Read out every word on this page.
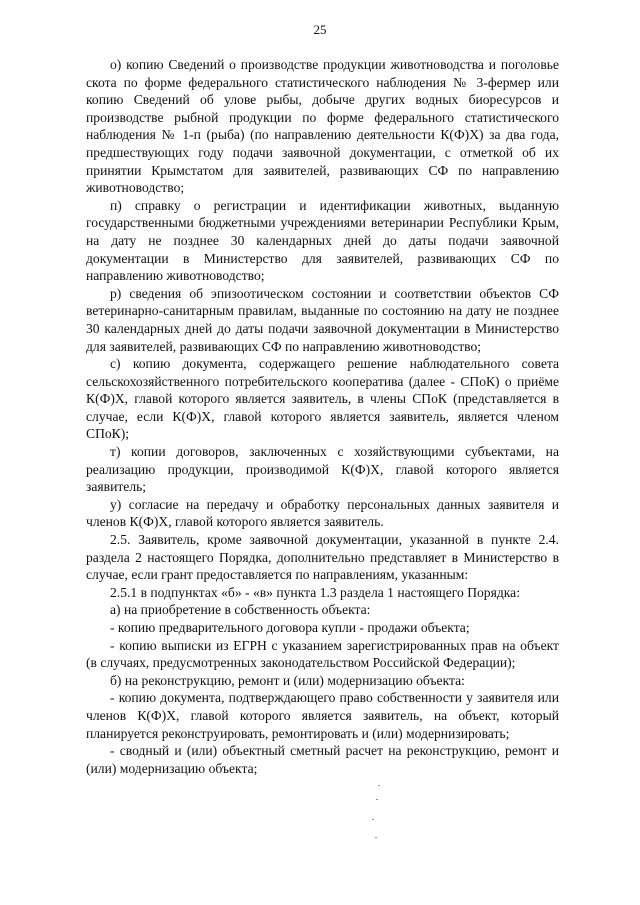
25

о) копию Сведений о производстве продукции животноводства и поголовье скота по форме федерального статистического наблюдения № 3-фермер или копию Сведений об улове рыбы, добыче других водных биоресурсов и производстве рыбной продукции по форме федерального статистического наблюдения № 1-п (рыба) (по направлению деятельности К(Ф)Х) за два года, предшествующих году подачи заявочной документации, с отметкой об их принятии Крымстатом для заявителей, развивающих СФ по направлению животноводство;

п) справку о регистрации и идентификации животных, выданную государственными бюджетными учреждениями ветеринарии Республики Крым, на дату не позднее 30 календарных дней до даты подачи заявочной документации в Министерство для заявителей, развивающих СФ по направлению животноводство;

р) сведения об эпизоотическом состоянии и соответствии объектов СФ ветеринарно-санитарным правилам, выданные по состоянию на дату не позднее 30 календарных дней до даты подачи заявочной документации в Министерство для заявителей, развивающих СФ по направлению животноводство;

с) копию документа, содержащего решение наблюдательного совета сельскохозяйственного потребительского кооператива (далее - СПоК) о приёме К(Ф)Х, главой которого является заявитель, в члены СПоК (представляется в случае, если К(Ф)Х, главой которого является заявитель, является членом СПоК);

т) копии договоров, заключенных с хозяйствующими субъектами, на реализацию продукции, производимой К(Ф)Х, главой которого является заявитель;

у) согласие на передачу и обработку персональных данных заявителя и членов К(Ф)Х, главой которого является заявитель.

2.5. Заявитель, кроме заявочной документации, указанной в пункте 2.4. раздела 2 настоящего Порядка, дополнительно представляет в Министерство в случае, если грант предоставляется по направлениям, указанным:

2.5.1 в подпунктах «б» - «в» пункта 1.3 раздела 1 настоящего Порядка:

а) на приобретение в собственность объекта:

- копию предварительного договора купли - продажи объекта;

- копию выписки из ЕГРН с указанием зарегистрированных прав на объект (в случаях, предусмотренных законодательством Российской Федерации);

б) на реконструкцию, ремонт и (или) модернизацию объекта:

- копию документа, подтверждающего право собственности у заявителя или членов К(Ф)Х, главой которого является заявитель, на объект, который планируется реконструировать, ремонтировать и (или) модернизировать;

- сводный и (или) объектный сметный расчет на реконструкцию, ремонт и (или) модернизацию объекта;
